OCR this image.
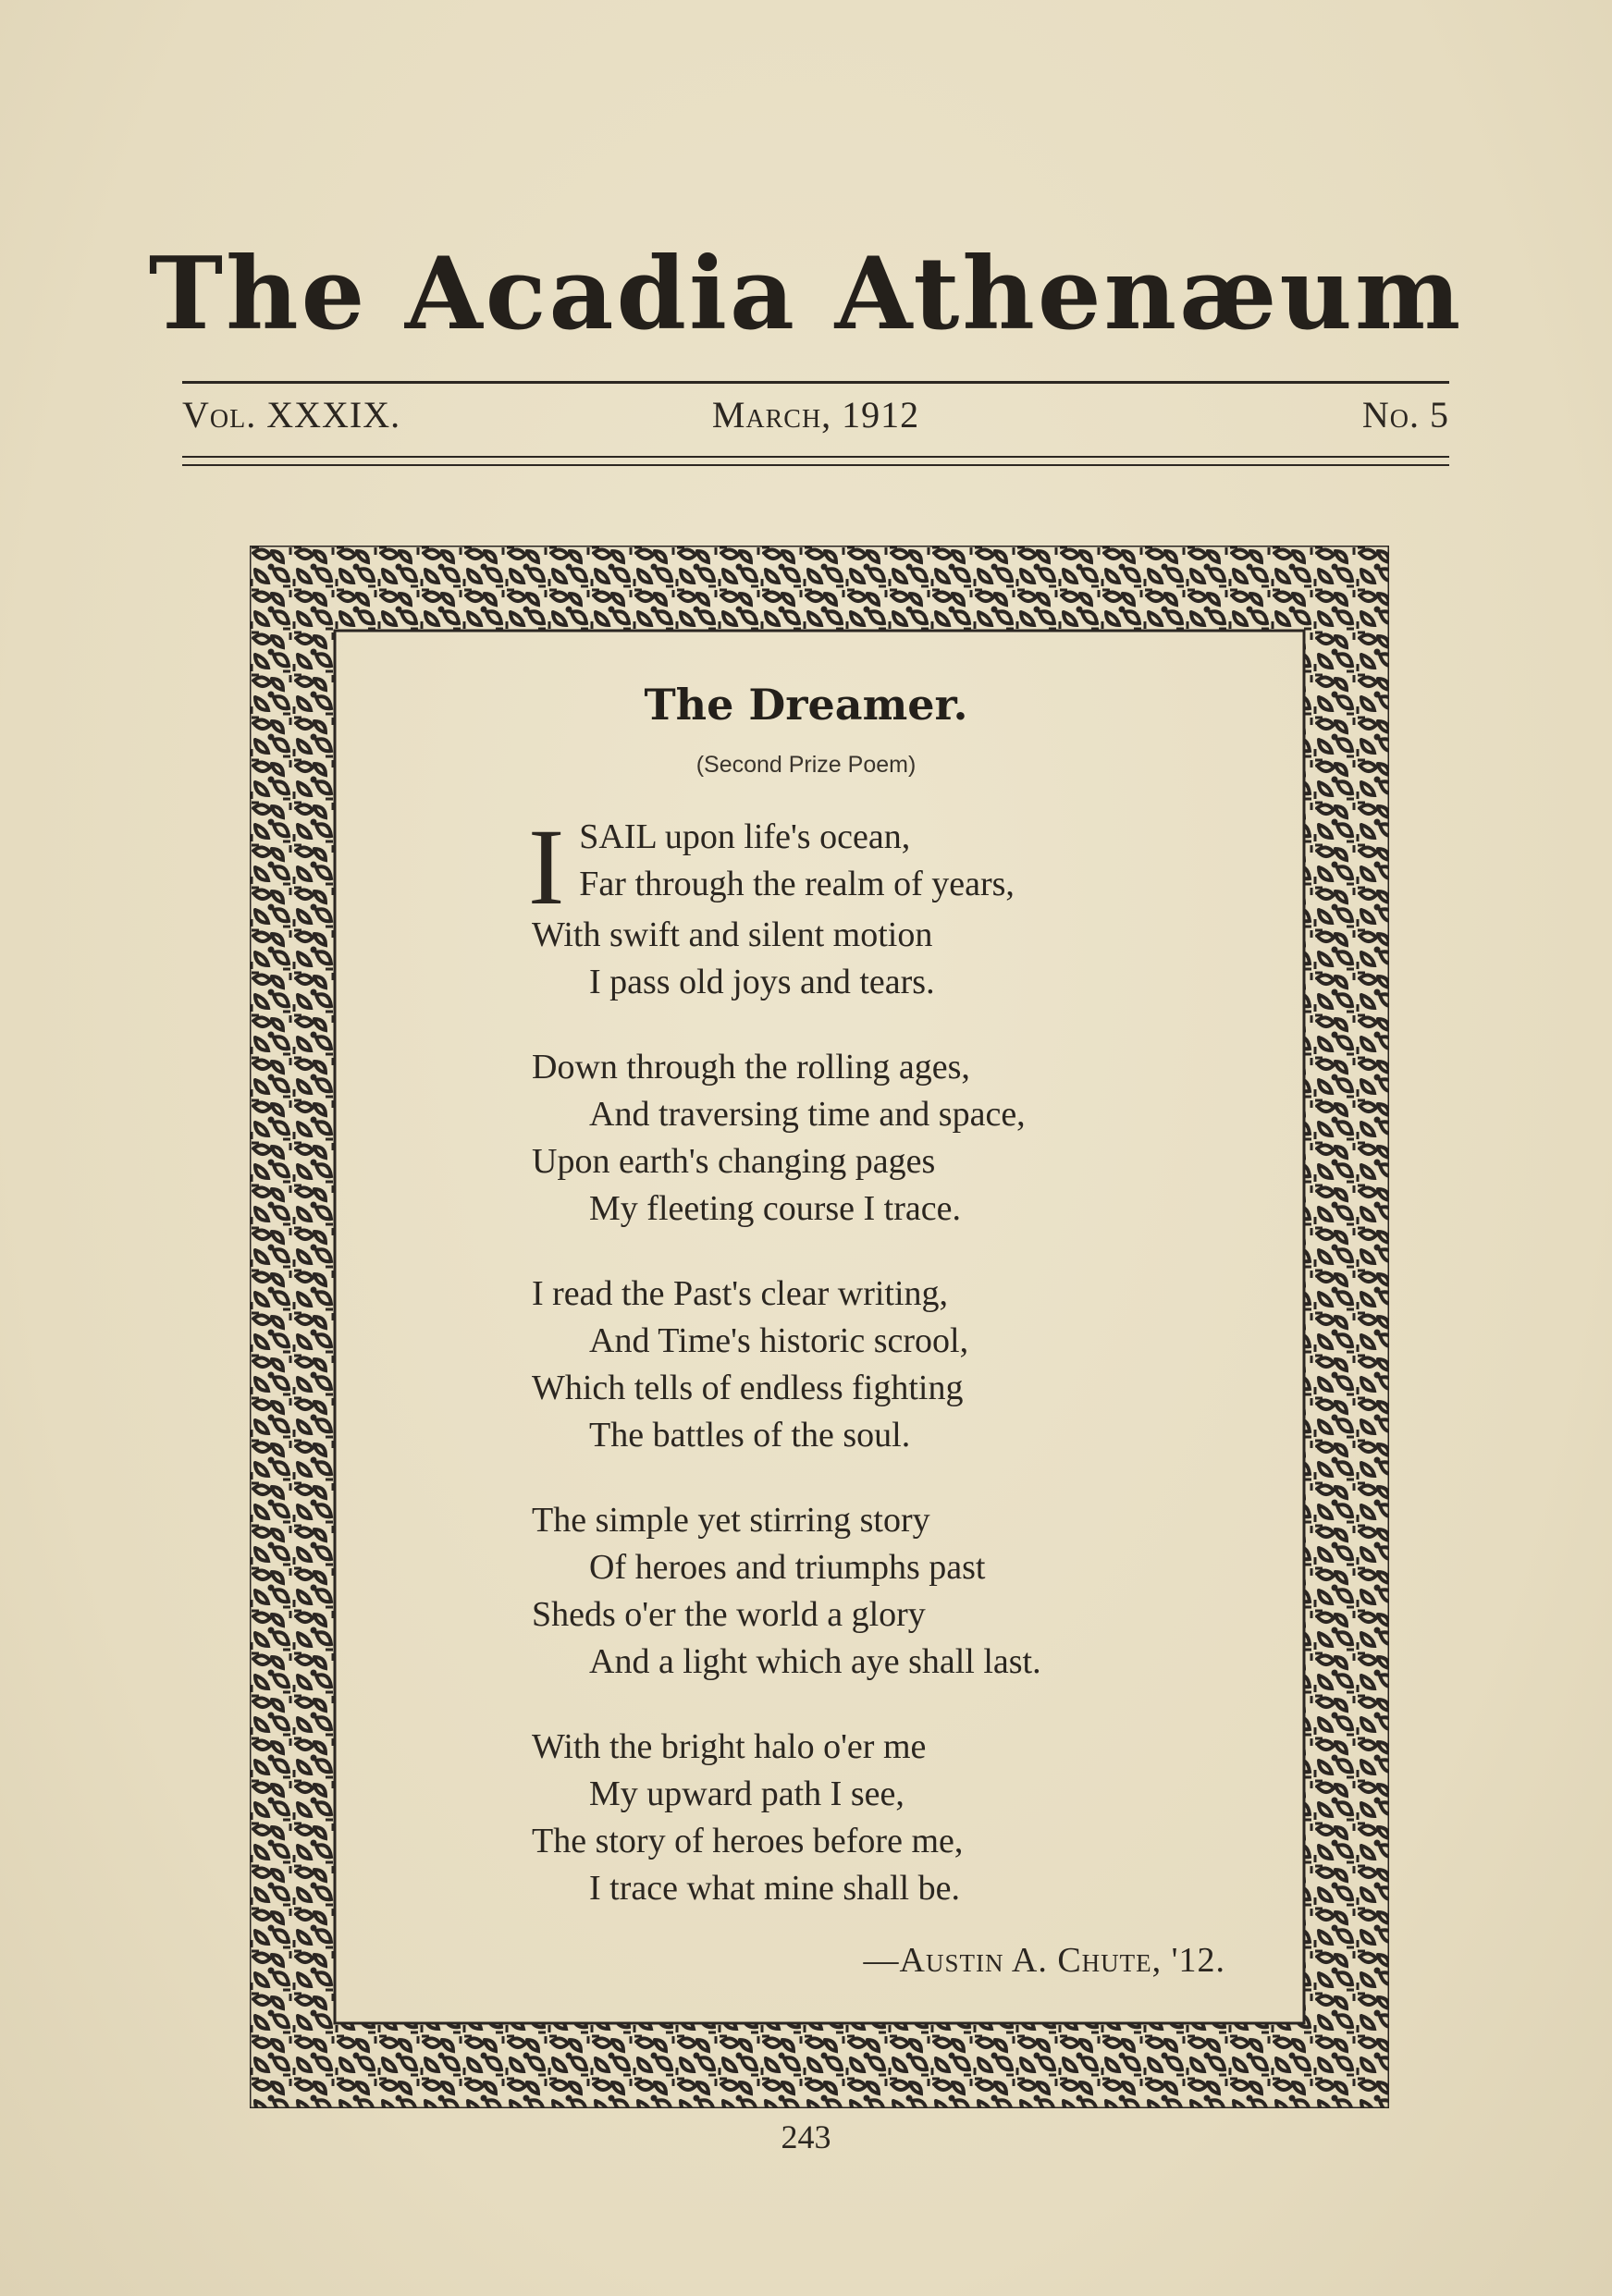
The Acadia Athenæum
Vol. XXXIX.	March, 1912	No. 5
The Dreamer.
(Second Prize Poem)
I SAIL upon life's ocean,
Far through the realm of years,
With swift and silent motion
I pass old joys and tears.
Down through the rolling ages,
And traversing time and space,
Upon earth's changing pages
My fleeting course I trace.
I read the Past's clear writing,
And Time's historic scrool,
Which tells of endless fighting
The battles of the soul.
The simple yet stirring story
Of heroes and triumphs past
Sheds o'er the world a glory
And a light which aye shall last.
With the bright halo o'er me
My upward path I see,
The story of heroes before me,
I trace what mine shall be.
—Austin A. Chute, '12.
243
